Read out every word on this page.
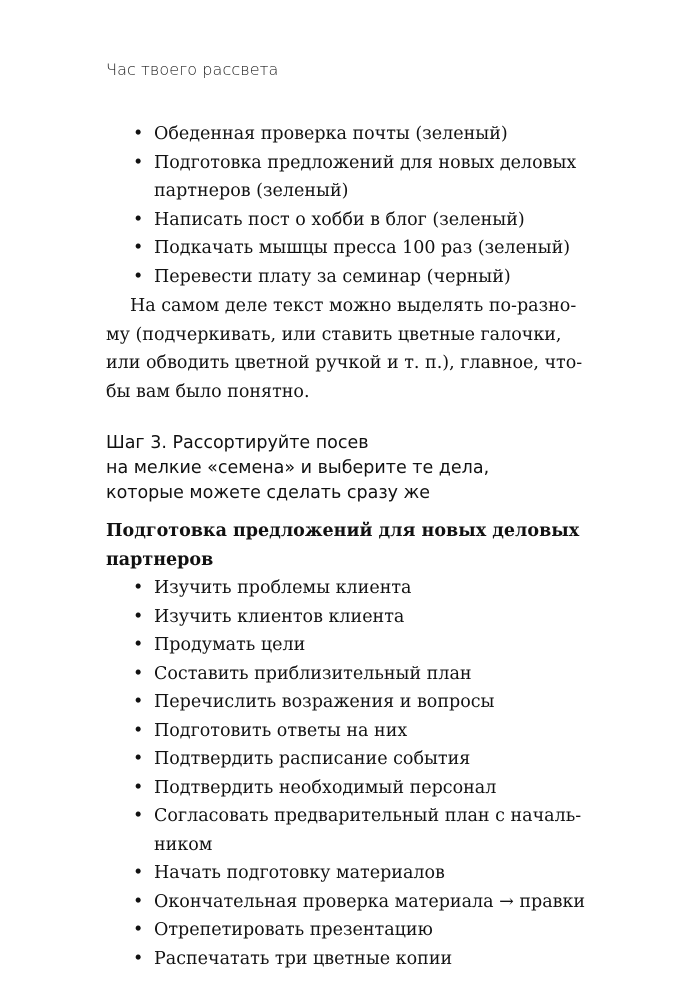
Час твоего рассвета
• Обеденная проверка почты (зеленый)
• Подготовка предложений для новых деловых
партнеров (зеленый)
• Написать пост о хобби в блог (зеленый)
• Подкачать мышцы пресса 100 раз (зеленый)
• Перевести плату за семинар (черный)

На самом деле текст можно выделять по-разно-
му (подчеркивать, или ставить цветные галочки,
или обводить цветной ручкой и т. п.), главное, что-
бы вам было понятно.

Шаг 3. Рассортируйте посев
на мелкие «семена» и выберите те дела,
которые можете сделать сразу же
Подготовка предложений для новых деловых
партнеров
• Изучить проблемы клиента
• Изучить клиентов клиента
• Продумать цели
• Составить приблизительный план
• Перечислить возражения и вопросы
• Подготовить ответы на них
• Подтвердить расписание события
• Подтвердить необходимый персонал
• Согласовать предварительный план с началь-
ником
• Начать подготовку материалов
• Окончательная проверка материала → правки
• Отрепетировать презентацию
• Распечатать три цветные копии
